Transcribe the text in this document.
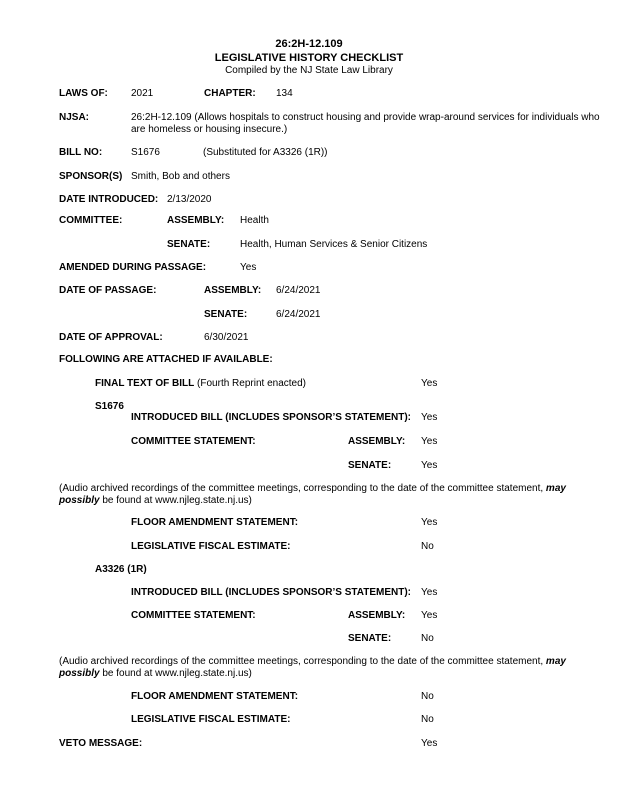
26:2H-12.109
LEGISLATIVE HISTORY CHECKLIST
Compiled by the NJ State Law Library
LAWS OF: 2021	CHAPTER: 134
NJSA:	26:2H-12.109 (Allows hospitals to construct housing and provide wrap-around services for individuals who are homeless or housing insecure.)
BILL NO:	S1676	(Substituted for A3326 (1R))
SPONSOR(S) Smith, Bob and others
DATE INTRODUCED: 2/13/2020
COMMITTEE:	ASSEMBLY: Health
SENATE:	Health, Human Services & Senior Citizens
AMENDED DURING PASSAGE:	Yes
DATE OF PASSAGE:	ASSEMBLY: 6/24/2021
SENATE:	6/24/2021
DATE OF APPROVAL:	6/30/2021
FOLLOWING ARE ATTACHED IF AVAILABLE:
FINAL TEXT OF BILL (Fourth Reprint enacted)	Yes
S1676
INTRODUCED BILL (INCLUDES SPONSOR’S STATEMENT): Yes
COMMITTEE STATEMENT:	ASSEMBLY: Yes
SENATE:	Yes
(Audio archived recordings of the committee meetings, corresponding to the date of the committee statement, may possibly be found at www.njleg.state.nj.us)
FLOOR AMENDMENT STATEMENT:	Yes
LEGISLATIVE FISCAL ESTIMATE:	No
A3326 (1R)
INTRODUCED BILL (INCLUDES SPONSOR’S STATEMENT): Yes
COMMITTEE STATEMENT:	ASSEMBLY: Yes
SENATE:	No
(Audio archived recordings of the committee meetings, corresponding to the date of the committee statement, may possibly be found at www.njleg.state.nj.us)
FLOOR AMENDMENT STATEMENT:	No
LEGISLATIVE FISCAL ESTIMATE:	No
VETO MESSAGE:	Yes
